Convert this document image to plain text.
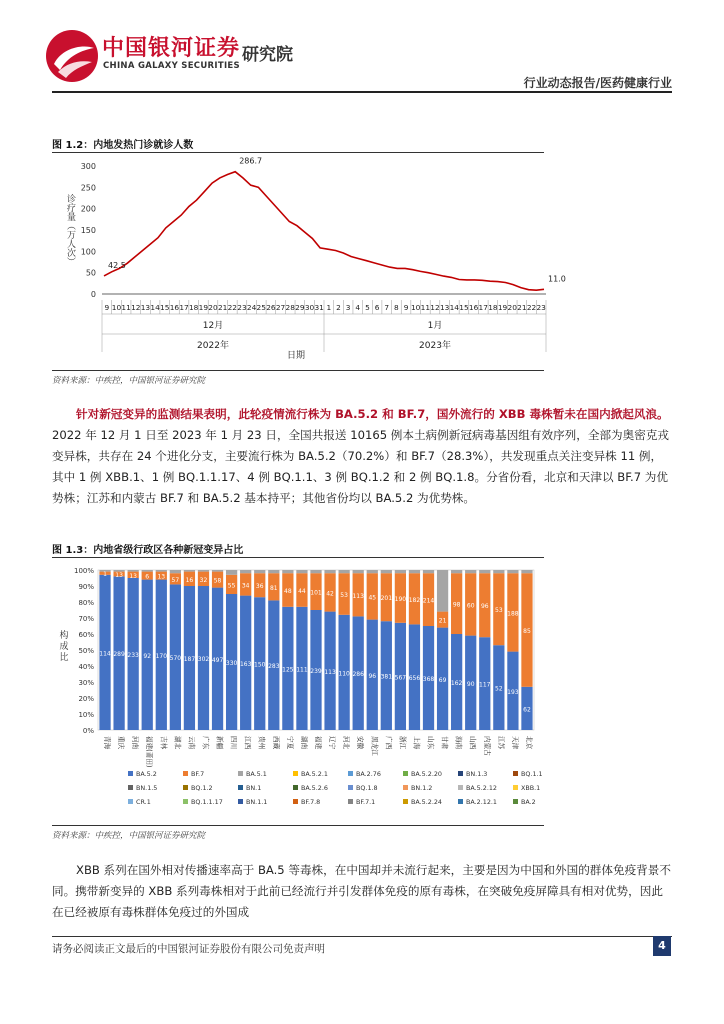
中国银河证券
CHINA GALAXY SECURITIES
研究院
行业动态报告/医药健康行业
图 1.2：内地发热门诊就诊人数
0
50
100
150
200
250
300
诊疗量（万人次）
9 10 11 12 13 14 15 16 17 18 19 20 21 22 23 24 25 26 27 28 29 30 31 1 2 3 4 5 6 7 8 9 10 11 12 13 14 15 16 17 18 19 20 21 22 23
12月	1月
2022年	2023年
日期
42.5
286.7
11.0
资料来源：中疾控，中国银河证券研究院
针对新冠变异的监测结果表明，此轮疫情流行株为 BA.5.2 和 BF.7，国外流行的 XBB 毒株暂未在国内掀起风浪。2022 年 12 月 1 日至 2023 年 1 月 23 日，全国共报送 10165 例本土病例新冠病毒基因组有效序列，全部为奥密克戎变异株，共存在 24 个进化分支，主要流行株为 BA.5.2（70.2%）和 BF.7（28.3%），共发现重点关注变异株 11 例，其中 1 例 XBB.1、1 例 BQ.1.1.17、4 例 BQ.1.1、3 例 BQ.1.2 和 2 例 BQ.1.8。分省份看，北京和天津以 BF.7 为优势株；江苏和内蒙古 BF.7 和 BA.5.2 基本持平；其他省份均以 BA.5.2 为优势株。
图 1.3：内地省级行政区各种新冠变异占比
0%
10%
20%
30%
40%
50%
60%
70%
80%
90%
100%
构
成
比	114
1
青海
289
13
重庆
233
13
河南
92
6
福建(莆田)
170
13
吉林
570
57
湖北
187
16
云南
302
32
广东
497
58
新疆
330
55
四川
163
34
江西
150
36
贵州
283
81
西藏
125
48
宁夏
111
44
湖南
239
101
福建
113
42
辽宁
110
53
河北
286
113
安徽
96
45
黑龙江
381
201
广西
567
190
浙江
656
182
上海
368
214
山东
69
21
甘肃
162
98
海南
90
60
山西
117
96
内蒙古
52
53
江苏
193
188
天津
62
85
北京
BA.5.2	BF.7	BA.5.1	BA.5.2.1	BA.2.76	BA.5.2.20	BN.1.3	BQ.1.1
BN.1.5	BQ.1.2	BN.1	BA.5.2.6	BQ.1.8	BN.1.2	BA.5.2.12	XBB.1
CR.1	BQ.1.1.17	BN.1.1	BF.7.8	BF.7.1	BA.5.2.24	BA.2.12.1	BA.2
资料来源：中疾控，中国银河证券研究院
XBB 系列在国外相对传播速率高于 BA.5 等毒株，在中国却并未流行起来，主要是因为中国和外国的群体免疫背景不同。携带新变异的 XBB 系列毒株相对于此前已经流行并引发群体免疫的原有毒株，在突破免疫屏障具有相对优势，因此在已经被原有毒株群体免疫过的外国成
请务必阅读正文最后的中国银河证券股份有限公司免责声明	4
